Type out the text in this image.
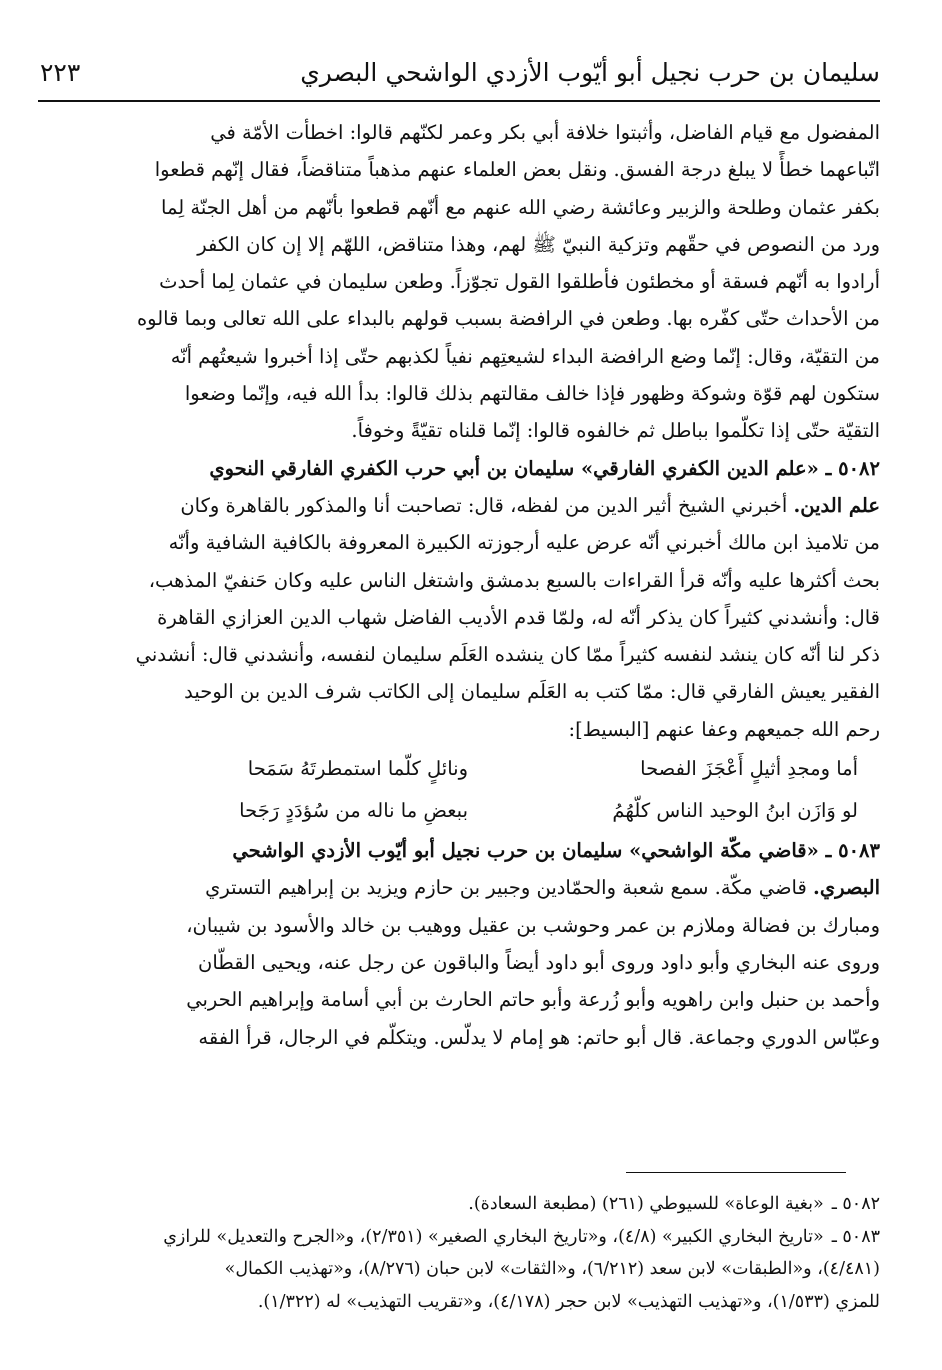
سليمان بن حرب نجيل أبو أيّوب الأزدي الواشحي البصري
٢٢٣
المفضول مع قيام الفاضل، وأثبتوا خلافة أبي بكر وعمر لكنّهم قالوا: اخطأت الأمّة في
اتّباعهما خطأً لا يبلغ درجة الفسق. ونقل بعض العلماء عنهم مذهباً متناقضاً، فقال إنّهم قطعوا
بكفر عثمان وطلحة والزبير وعائشة رضي الله عنهم مع أنّهم قطعوا بأنّهم من أهل الجنّة لِما
ورد من النصوص في حقّهم وتزكية النبيّ ﷺ لهم، وهذا متناقض، اللهّم إلا إن كان الكفر
أرادوا به أنّهم فسقة أو مخطئون فأطلقوا القول تجوّزاً. وطعن سليمان في عثمان لِما أحدث
من الأحداث حتّى كفّره بها. وطعن في الرافضة بسبب قولهم بالبداء على الله تعالى وبما قالوه
من التقيّة، وقال: إنّما وضع الرافضة البداء لشيعتِهم نفياً لكذبهم حتّى إذا أخبروا شيعتُهم أنّه
ستكون لهم قوّة وشوكة وظهور فإذا خالف مقالتهم بذلك قالوا: بدأ الله فيه، وإنّما وضعوا
التقيّة حتّى إذا تكلّموا بباطل ثم خالفوه قالوا: إنّما قلناه تقيّةً وخوفاً.
٥٠٨٢ ـ «علم الدين الكفري الفارقي» سليمان بن أبي حرب الكفري الفارقي النحوي
علم الدين. أخبرني الشيخ أثير الدين من لفظه، قال: تصاحبت أنا والمذكور بالقاهرة وكان
من تلاميذ ابن مالك أخبرني أنّه عرض عليه أرجوزته الكبيرة المعروفة بالكافية الشافية وأنّه
بحث أكثرها عليه وأنّه قرأ القراءات بالسبع بدمشق واشتغل الناس عليه وكان حَنفيّ المذهب،
قال: وأنشدني كثيراً كان يذكر أنّه له، ولمّا قدم الأديب الفاضل شهاب الدين العزازي القاهرة
ذكر لنا أنّه كان ينشد لنفسه كثيراً ممّا كان ينشده العَلَم سليمان لنفسه، وأنشدني قال: أنشدني
الفقير يعيش الفارقي قال: ممّا كتب به العَلَم سليمان إلى الكاتب شرف الدين بن الوحيد
رحم الله جميعهم وعفا عنهم [البسيط]:
أما ومجدِ أثيلٍ أَعْجَزَ الفصحا
ونائلٍ كلّما استمطرتَهُ سَمَحا
لو وَازَن ابنُ الوحيد الناس كلّهُمُ
ببعضِ ما ناله من سُؤدَدٍ رَجَحا
٥٠٨٣ ـ «قاضي مكّة الواشحي» سليمان بن حرب نجيل أبو أيّوب الأزدي الواشحي
البصري. قاضي مكّة. سمع شعبة والحمّادين وجبير بن حازم ويزيد بن إبراهيم التستري
ومبارك بن فضالة وملازم بن عمر وحوشب بن عقيل ووهيب بن خالد والأسود بن شيبان،
وروى عنه البخاري وأبو داود وروى أبو داود أيضاً والباقون عن رجل عنه، ويحيى القطّان
وأحمد بن حنبل وابن راهويه وأبو زُرعة وأبو حاتم الحارث بن أبي أسامة وإبراهيم الحربي
وعبّاس الدوري وجماعة. قال أبو حاتم: هو إمام لا يدلّس. ويتكلّم في الرجال، قرأ الفقه
٥٠٨٢ ـ«بغية الوعاة» للسيوطي (٢٦١) (مطبعة السعادة).
٥٠٨٣ ـ«تاريخ البخاري الكبير» (٤/٨)، و«تاريخ البخاري الصغير» (٢/٣٥١)، و«الجرح والتعديل» للرازي
(٤/٤٨١)، و«الطبقات» لابن سعد (٦/٢١٢)، و«الثقات» لابن حبان (٨/٢٧٦)، و«تهذيب الكمال»
للمزي (١/٥٣٣)، و«تهذيب التهذيب» لابن حجر (٤/١٧٨)، و«تقريب التهذيب» له (١/٣٢٢).
